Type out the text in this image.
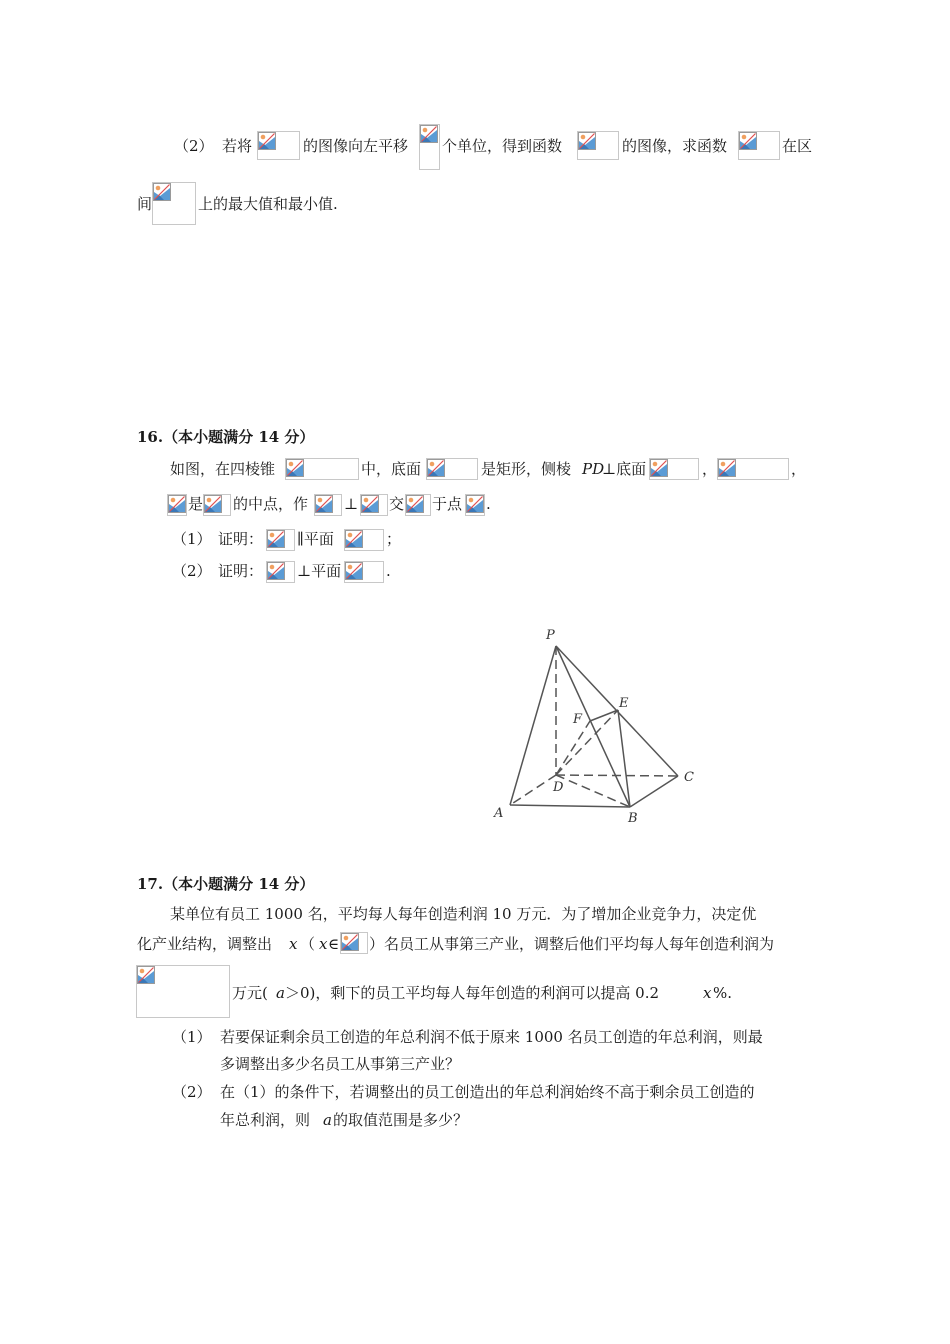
（2） 若将	的图像向左平移 个单位，得到函数	的图像，求函数	在区
间	上的最大值和最小值.
16.（本小题满分 14 分）
如图，在四棱锥	中，底面	是矩形，侧棱 PD
⊥底面	，	，
是 的中点，作 ⊥ 交 于点 .
（1） 证明： ∥平面	；
（2） 证明： ⊥平面	.
P
E
F
D
C
A	B
17.（本小题满分 14 分）
某单位有员工 1000 名，平均每人每年创造利润 10 万元．为了增加企业竞争力，决定优
化产业结构，调整出 x （ x ∈ ）名员工从事第三产业，调整后他们平均每人每年创造利润为
万元( a ＞0)，剩下的员工平均每人每年创造的利润可以提高 0.2	x %.
（1） 若要保证剩余员工创造的年总利润不低于原来 1000 名员工创造的年总利润，则最
多调整出多少名员工从事第三产业？
（2） 在（1）的条件下，若调整出的员工创造出的年总利润始终不高于剩余员工创造的
年总利润，则 a 的取值范围是多少？
